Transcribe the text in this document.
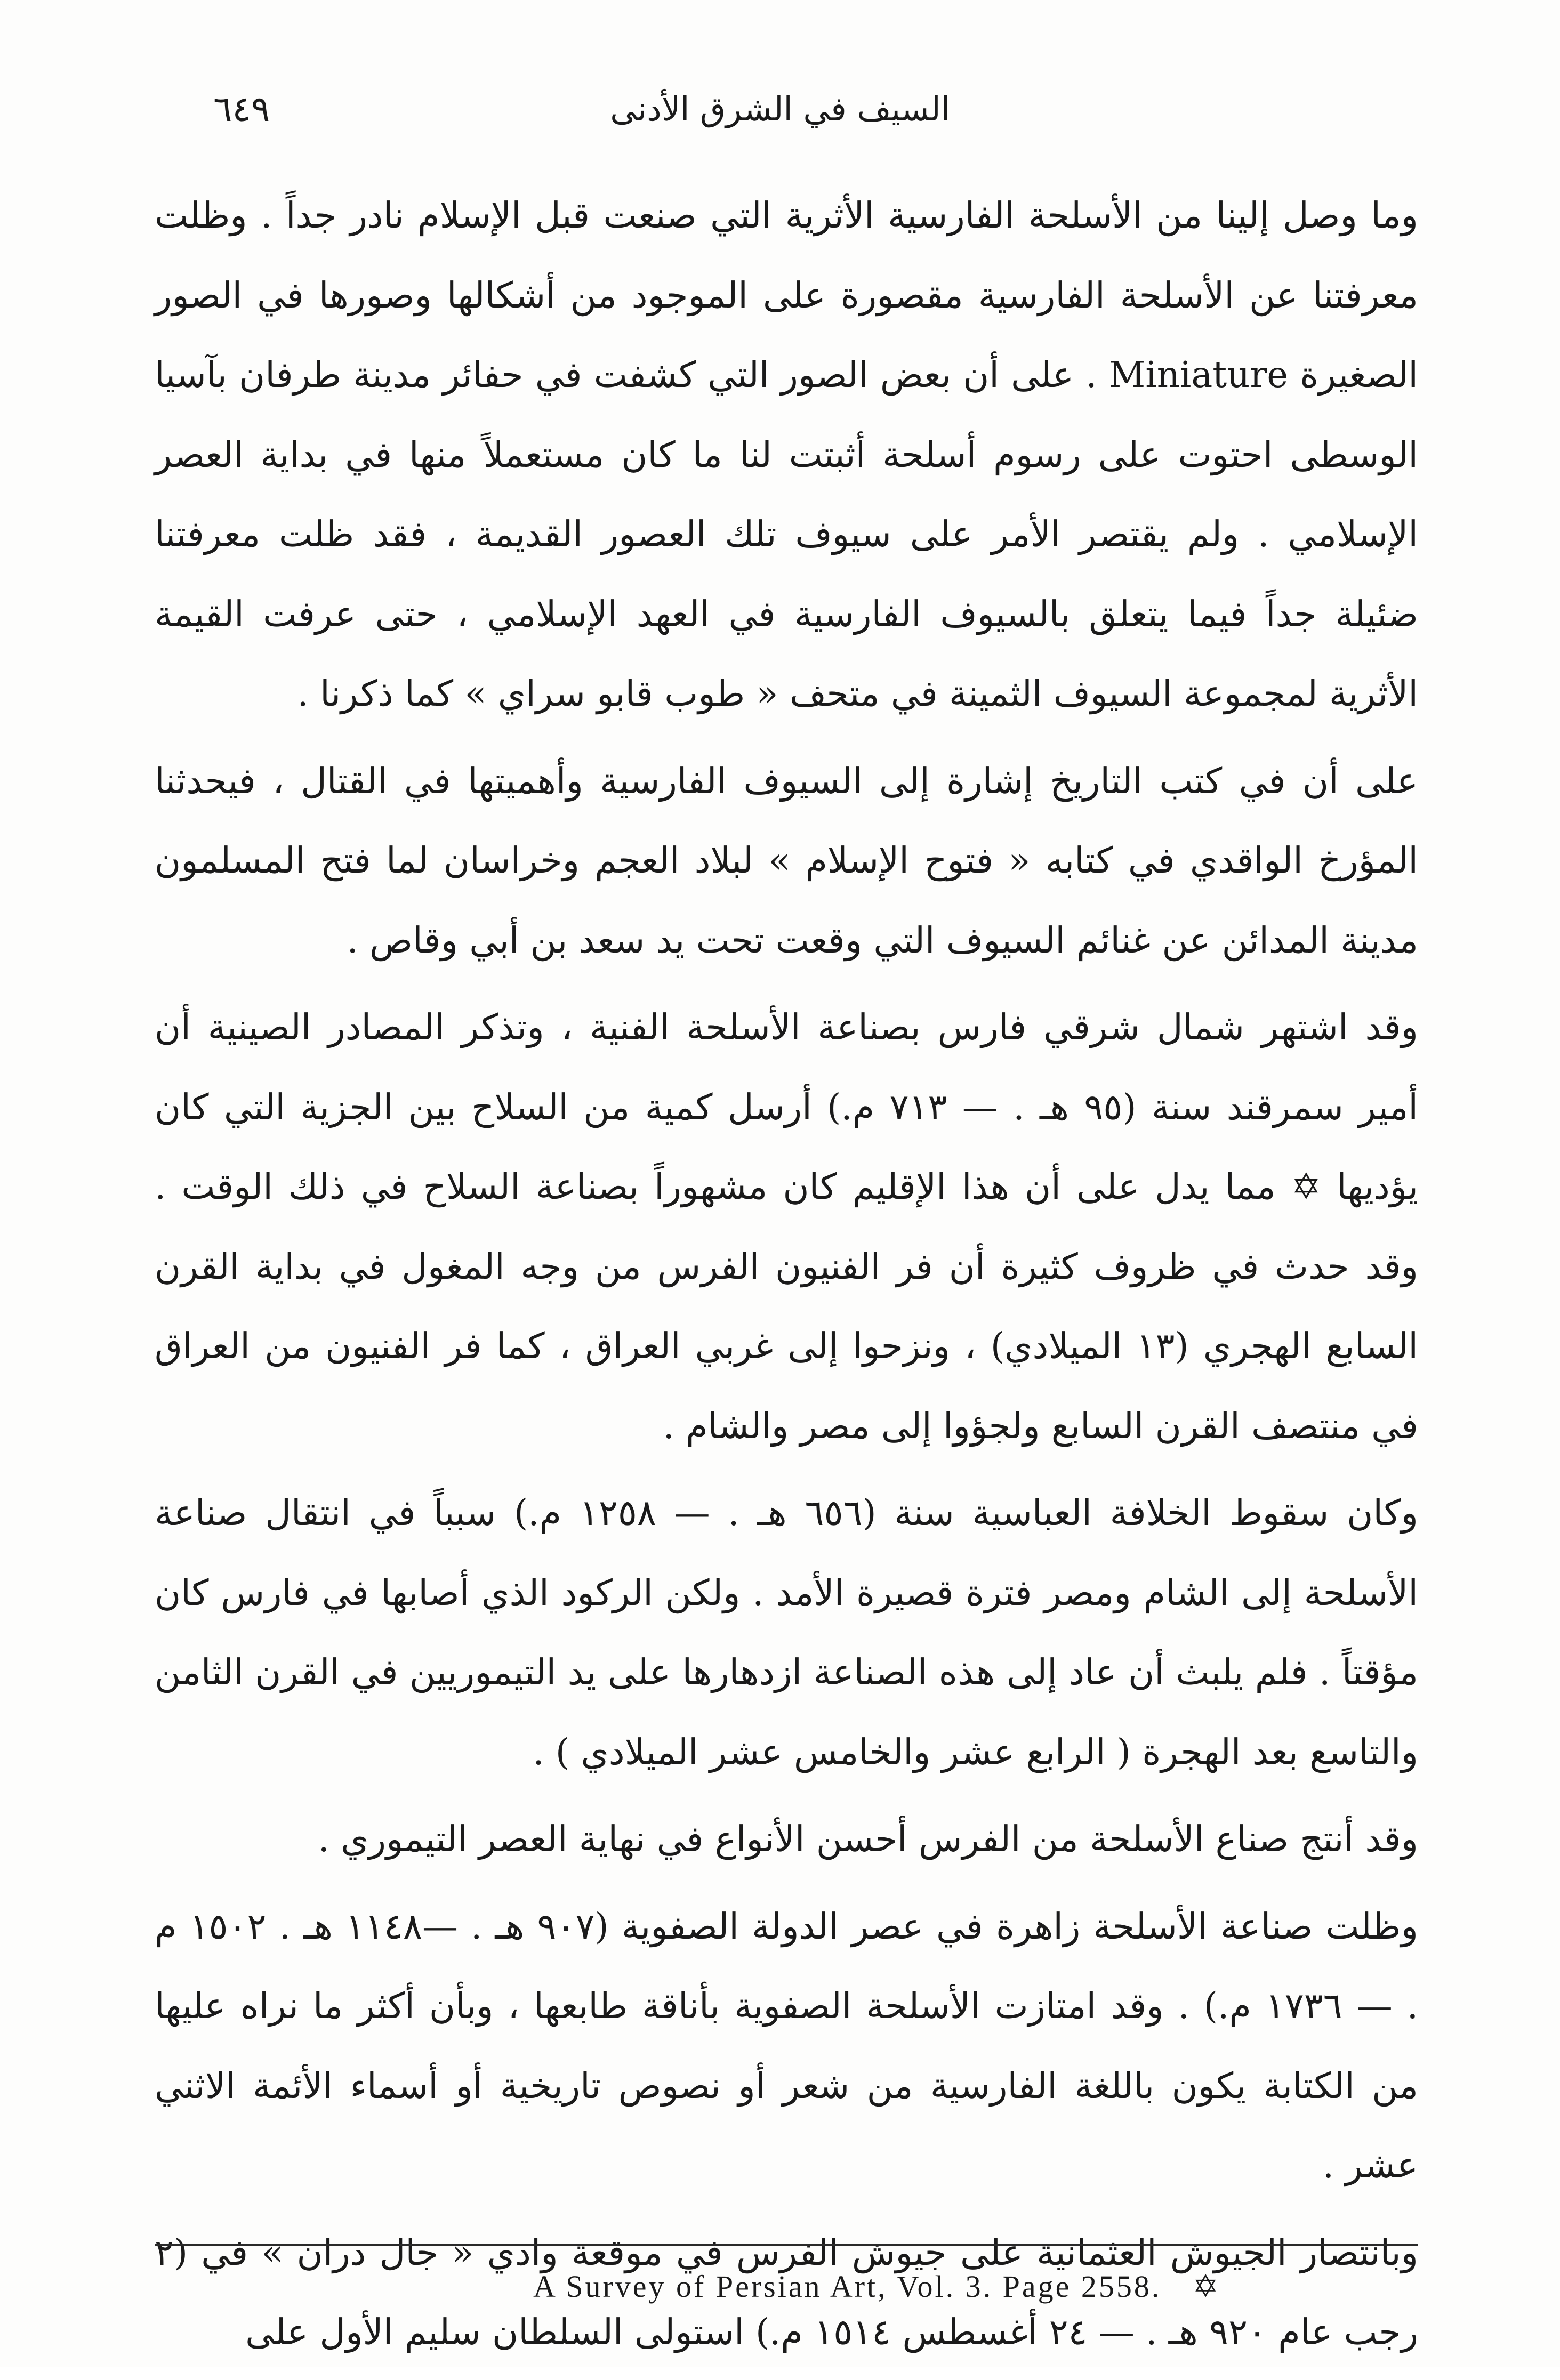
٦٤٩	السيف في الشرق الأدنى

وما وصل إلينا من الأسلحة الفارسية الأثرية التي صنعت قبل الإسلام نادر جداً . وظلت معرفتنا عن الأسلحة الفارسية مقصورة على الموجود من أشكالها وصورها في الصور الصغيرة Miniature . على أن بعض الصور التي كشفت في حفائر مدينة طرفان بآسيا الوسطى احتوت على رسوم أسلحة أثبتت لنا ما كان مستعملاً منها في بداية العصر الإسلامي . ولم يقتصر الأمر على سيوف تلك العصور القديمة ، فقد ظلت معرفتنا ضئيلة جداً فيما يتعلق بالسيوف الفارسية في العهد الإسلامي ، حتى عرفت القيمة الأثرية لمجموعة السيوف الثمينة في متحف « طوب قابو سراي » كما ذكرنا .

على أن في كتب التاريخ إشارة إلى السيوف الفارسية وأهميتها في القتال ، فيحدثنا المؤرخ الواقدي في كتابه « فتوح الإسلام » لبلاد العجم وخراسان لما فتح المسلمون مدينة المدائن عن غنائم السيوف التي وقعت تحت يد سعد بن أبي وقاص .

وقد اشتهر شمال شرقي فارس بصناعة الأسلحة الفنية ، وتذكر المصادر الصينية أن أمير سمرقند سنة (٩٥ هـ . — ٧١٣ م.) أرسل كمية من السلاح بين الجزية التي كان يؤديها ✡ مما يدل على أن هذا الإقليم كان مشهوراً بصناعة السلاح في ذلك الوقت . وقد حدث في ظروف كثيرة أن فر الفنيون الفرس من وجه المغول في بداية القرن السابع الهجري (١٣ الميلادي) ، ونزحوا إلى غربي العراق ، كما فر الفنيون من العراق في منتصف القرن السابع ولجؤوا إلى مصر والشام .

وكان سقوط الخلافة العباسية سنة (٦٥٦ هـ . — ١٢٥٨ م.) سبباً في انتقال صناعة الأسلحة إلى الشام ومصر فترة قصيرة الأمد . ولكن الركود الذي أصابها في فارس كان مؤقتاً . فلم يلبث أن عاد إلى هذه الصناعة ازدهارها على يد التيموريين في القرن الثامن والتاسع بعد الهجرة ( الرابع عشر والخامس عشر الميلادي ) .

وقد أنتج صناع الأسلحة من الفرس أحسن الأنواع في نهاية العصر التيموري .

وظلت صناعة الأسلحة زاهرة في عصر الدولة الصفوية (٩٠٧ هـ . —١١٤٨ هـ . ١٥٠٢ م . — ١٧٣٦ م.) . وقد امتازت الأسلحة الصفوية بأناقة طابعها ، وبأن أكثر ما نراه عليها من الكتابة يكون باللغة الفارسية من شعر أو نصوص تاريخية أو أسماء الأئمة الاثني عشر .

وبانتصار الجيوش العثمانية على جيوش الفرس في موقعة وادي « جال دران » في (٢ رجب عام ٩٢٠ هـ . — ٢٤ أغسطس ١٥١٤ م.) استولى السلطان سليم الأول على

A Survey of Persian Art, Vol. 3. Page 2558. ✡
